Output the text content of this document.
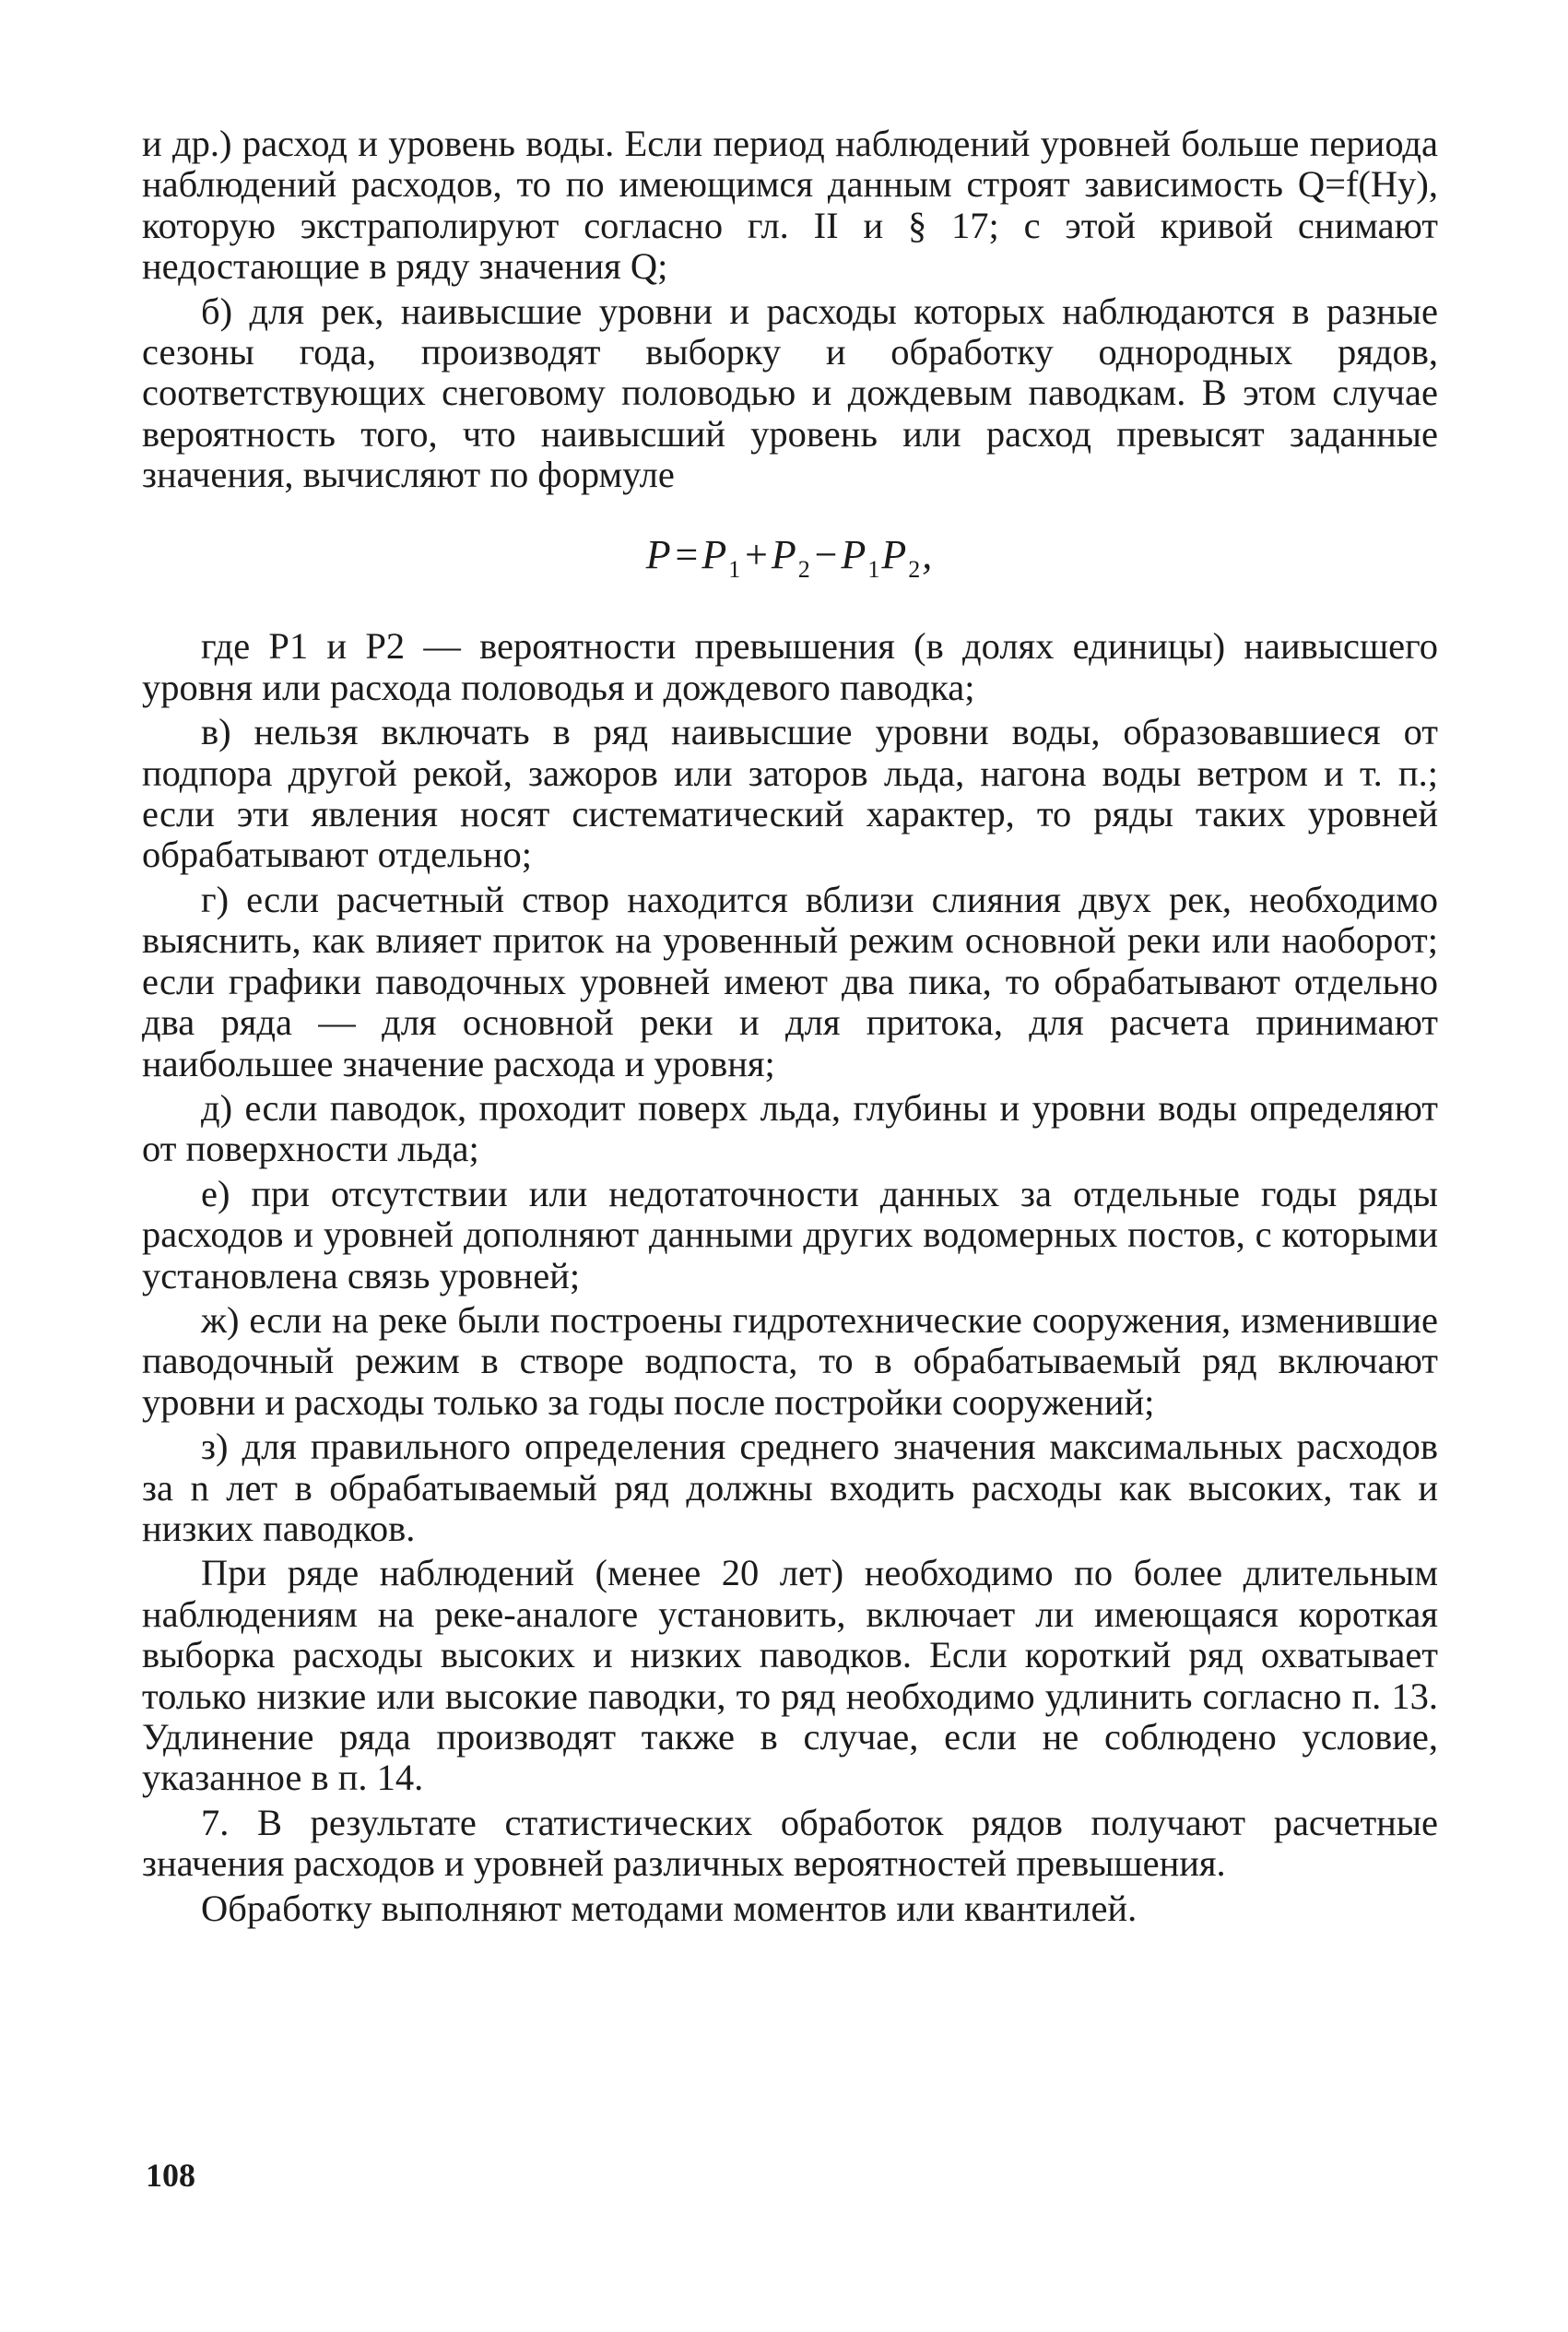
и др.) расход и уровень воды. Если период наблюдений уровней больше периода наблюдений расходов, то по имеющимся данным строят зависимость Q=f(Hу), которую экстраполируют согласно гл. II и § 17; с этой кривой снимают недостающие в ряду значения Q;

б) для рек, наивысшие уровни и расходы которых наблюдаются в разные сезоны года, производят выборку и обработку однородных рядов, соответствующих снеговому половодью и дождевым паводкам. В этом случае вероятность того, что наивысший уровень или расход превысят заданные значения, вычисляют по формуле

$P=P_1+P_2-P_1P_2$,

где P1 и P2 — вероятности превышения (в долях единицы) наивысшего уровня или расхода половодья и дождевого паводка;

в) нельзя включать в ряд наивысшие уровни воды, образовавшиеся от подпора другой рекой, зажоров или заторов льда, нагона воды ветром и т. п.; если эти явления носят систематический характер, то ряды таких уровней обрабатывают отдельно;

г) если расчетный створ находится вблизи слияния двух рек, необходимо выяснить, как влияет приток на уровенный режим основной реки или наоборот; если графики паводочных уровней имеют два пика, то обрабатывают отдельно два ряда — для основной реки и для притока, для расчета принимают наибольшее значение расхода и уровня;

д) если паводок, проходит поверх льда, глубины и уровни воды определяют от поверхности льда;

е) при отсутствии или недотаточности данных за отдельные годы ряды расходов и уровней дополняют данными других водомерных постов, с которыми установлена связь уровней;

ж) если на реке были построены гидротехнические сооружения, изменившие паводочный режим в створе водпоста, то в обрабатываемый ряд включают уровни и расходы только за годы после постройки сооружений;

з) для правильного определения среднего значения максимальных расходов за n лет в обрабатываемый ряд должны входить расходы как высоких, так и низких паводков.

При ряде наблюдений (менее 20 лет) необходимо по более длительным наблюдениям на реке-аналоге установить, включает ли имеющаяся короткая выборка расходы высоких и низких паводков. Если короткий ряд охватывает только низкие или высокие паводки, то ряд необходимо удлинить согласно п. 13. Удлинение ряда производят также в случае, если не соблюдено условие, указанное в п. 14.

7. В результате статистических обработок рядов получают расчетные значения расходов и уровней различных вероятностей превышения.

Обработку выполняют методами моментов или квантилей.

108
